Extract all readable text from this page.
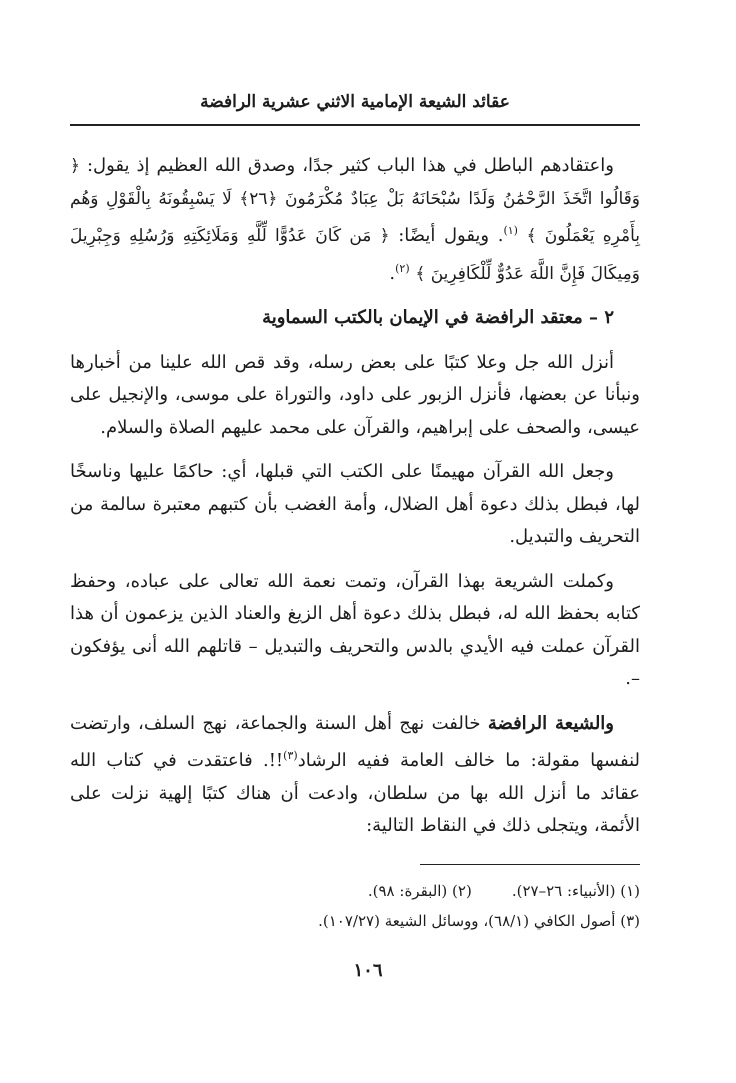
عقائد الشيعة الإمامية الاثني عشرية الرافضة

واعتقادهم الباطل في هذا الباب كثير جدًا، وصدق الله العظيم إذ يقول: ﴿ وَقَالُوا اتَّخَذَ الرَّحْمَٰنُ وَلَدًا سُبْحَانَهُ بَلْ عِبَادٌ مُكْرَمُونَ ﴿٢٦﴾ لَا يَسْبِقُونَهُ بِالْقَوْلِ وَهُم بِأَمْرِهِ يَعْمَلُونَ ﴾ $^{(١)}$. ويقول أيضًا: ﴿ مَن كَانَ عَدُوًّا لِّلَّهِ وَمَلَائِكَتِهِ وَرُسُلِهِ وَجِبْرِيلَ وَمِيكَالَ فَإِنَّ اللَّهَ عَدُوٌّ لِّلْكَافِرِينَ ﴾ $^{(٢)}$.

٢ – معتقد الرافضة في الإيمان بالكتب السماوية

أنزل الله جل وعلا كتبًا على بعض رسله، وقد قص الله علينا من أخبارها ونبأنا عن بعضها، فأنزل الزبور على داود، والتوراة على موسى، والإنجيل على عيسى، والصحف على إبراهيم، والقرآن على محمد عليهم الصلاة والسلام.

وجعل الله القرآن مهيمنًا على الكتب التي قبلها، أي: حاكمًا عليها وناسخًا لها، فبطل بذلك دعوة أهل الضلال، وأمة الغضب بأن كتبهم معتبرة سالمة من التحريف والتبديل.

وكملت الشريعة بهذا القرآن، وتمت نعمة الله تعالى على عباده، وحفظ كتابه بحفظ الله له، فبطل بذلك دعوة أهل الزيغ والعناد الذين يزعمون أن هذا القرآن عملت فيه الأيدي بالدس والتحريف والتبديل – قاتلهم الله أنى يؤفكون –.

والشيعة الرافضة خالفت نهج أهل السنة والجماعة، نهج السلف، وارتضت لنفسها مقولة: ما خالف العامة ففيه الرشاد$^{(٣)}$!!. فاعتقدت في كتاب الله عقائد ما أنزل الله بها من سلطان، وادعت أن هناك كتبًا إلهية نزلت على الأئمة، ويتجلى ذلك في النقاط التالية:

(١) (الأنبياء: ٢٦–٢٧).
(٢) (البقرة: ٩٨).
(٣) أصول الكافي (٦٨/١)، ووسائل الشيعة (١٠٧/٢٧).
١٠٦
